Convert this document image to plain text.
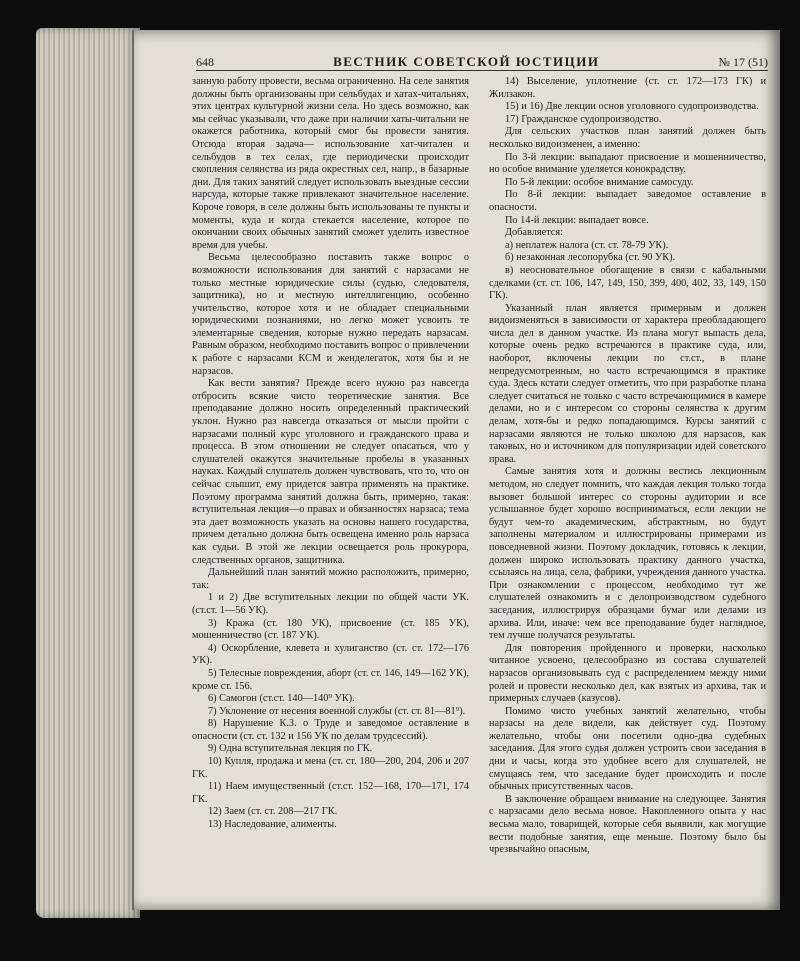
648	ВЕСТНИК СОВЕТСКОЙ ЮСТИЦИИ	№ 17 (51)

занную работу провести, весьма ограниченно. На селе занятия должны быть организованы при сельбудах и хатах-читальнях, этих центрах культурной жизни села. Но здесь возможно, как мы сейчас указывали, что даже при наличии хаты-читальни не окажется работника, который смог бы провести занятия. Отсюда вторая задача— использование хат-читален и сельбудов в тех селах, где периодически происходит скопления селянства из ряда окрестных сел, напр., в базарные дни. Для таких занятий следует использовать выездные сессии нарсуда, которые также привлекают значительное население. Короче говоря, в селе должны быть использованы те пункты и моменты, куда и когда стекается население, которое по окончании своих обычных занятий сможет уделить известное время для учебы.

Весьма целесообразно поставить также вопрос о возможности использования для занятий с нарзасами не только местные юридические силы (судью, следователя, защитника), но и местную интеллигенцию, особенно учительство, которое хотя и не обладает специальными юридическими познаниями, но легко может усвоить те элементарные сведения, которые нужно передать нарзасам. Равным образом, необходимо поставить вопрос о привлечении к работе с нарзасами КСМ и женделегаток, хотя бы и не нарзасов.

Как вести занятия? Прежде всего нужно раз навсегда отбросить всякие чисто теоретические занятия. Все преподавание должно носить определенный практический уклон. Нужно раз навсегда отказаться от мысли пройти с нарзасами полный курс уголовного и гражданского права и процесса. В этом отношении не следует опасаться, что у слушателей окажутся значительные пробелы в указанных науках. Каждый слушатель должен чувствовать, что то, что он сейчас слышит, ему придется завтра применять на практике. Поэтому программа занятий должна быть, примерно, такая: вступительная лекция—о правах и обязанностях нарзаса; тема эта дает возможность указать на основы нашего государства, причем детально должна быть освещена именно роль нарзаса как судьи. В этой же лекции освещается роль прокурора, следственных органов, защитника.

Дальнейший план занятий можно расположить, примерно, так:

1 и 2) Две вступительных лекции по общей части УК. (ст.ст. 1—56 УК).

3) Кража (ст. 180 УК), присвоение (ст. 185 УК), мошенничество (ст. 187 УК).

4) Оскорбление, клевета и хулиганство (ст. ст. 172—176 УК).

5) Телесные повреждения, аборт (ст. ст. 146, 149—162 УК), кроме ст. 156.

6) Самогон (ст.ст. 140—140⁹ УК).

7) Уклонение от несения военной службы (ст. ст. 81—81⁹).

8) Нарушение К.З. о Труде и заведомое оставление в опасности (ст. ст. 132 и 156 УК по делам трудсессий).

9) Одна вступительная лекция по ГК.

10) Купля, продажа и мена (ст. ст. 180—200, 204, 206 и 207 ГК.

11) Наем имущественный (ст.ст. 152—168, 170—171, 174 ГК.

12) Заем (ст. ст. 208—217 ГК.

13) Наследование, алименты.

14) Выселение, уплотнение (ст. ст. 172—173 ГК) и Жилзакон.

15) и 16) Две лекции основ уголовного судопроизводства.

17) Гражданское судопроизводство.

Для сельских участков план занятий должен быть несколько видоизменен, а именно:

По 3-й лекции: выпадают присвоение и мошенничество, но особое внимание уделяется конокрадству.

По 5-й лекции: особое внимание самосуду.

По 8-й лекции: выпадает заведомое оставление в опасности.

По 14-й лекции: выпадает вовсе.

Добавляется:

а) неплатеж налога (ст. ст. 78-79 УК).

б) незаконная лесопорубка (ст. 90 УК).

в) неосновательное обогащение в связи с кабальными сделками (ст. ст. 106, 147, 149, 150, 399, 400, 402, 33, 149, 150 ГК).

Указанный план является примерным и должен видоизменяться в зависимости от характера преобладающего числа дел в данном участке. Из плана могут выпасть дела, которые очень редко встречаются в практике суда, или, наоборот, включены лекции по ст.ст., в плане непредусмотренным, но часто встречающимся в практике суда. Здесь кстати следует отметить, что при разработке плана следует считаться не только с часто встречающимися в камере делами, но и с интересом со стороны селянства к другим делам, хотя-бы и редко попадающимся. Курсы занятий с нарзасами являются не только школою для нарзасов, как таковых, но и источником для популяризации идей советского права.

Самые занятия хотя и должны вестись лекционным методом, но следует помнить, что каждая лекция только тогда вызовет большой интерес со стороны аудитории и все услышанное будет хорошо восприниматься, если лекции не будут чем-то академическим, абстрактным, но будут заполнены материалом и иллюстрированы примерами из повседневной жизни. Поэтому докладчик, готовясь к лекции, должен широко использовать практику данного участка, ссылаясь на лица, села, фабрики, учреждения данного участка. При ознакомлении с процессом, необходимо тут же слушателей ознакомить и с делопроизводством судебного заседания, иллюстрируя образцами бумаг или делами из архива. Или, иначе: чем все преподавание будет наглядное, тем лучше получатся результаты.

Для повторения пройденного и проверки, насколько читанное усвоено, целесообразно из состава слушателей нарзасов организовывать суд с распределением между ними ролей и провести несколько дел, как взятых из архива, так и примерных случаев (казусов).

Помимо чисто учебных занятий желательно, чтобы нарзасы на деле видели, как действует суд. Поэтому желательно, чтобы они посетили одно-два судебных заседания. Для этого судья должен устроить свои заседания в дни и часы, когда это удобнее всего для слушателей, не смущаясь тем, что заседание будет происходить и после обычных присутственных часов.

В заключение обращаем внимание на следующее. Занятия с нарзасами дело весьма новое. Накопленного опыта у нас весьма мало, товарищей, которые себя выявили, как могущие вести подобные занятия, еще меньше. Поэтому было бы чрезвычайно опасным,
